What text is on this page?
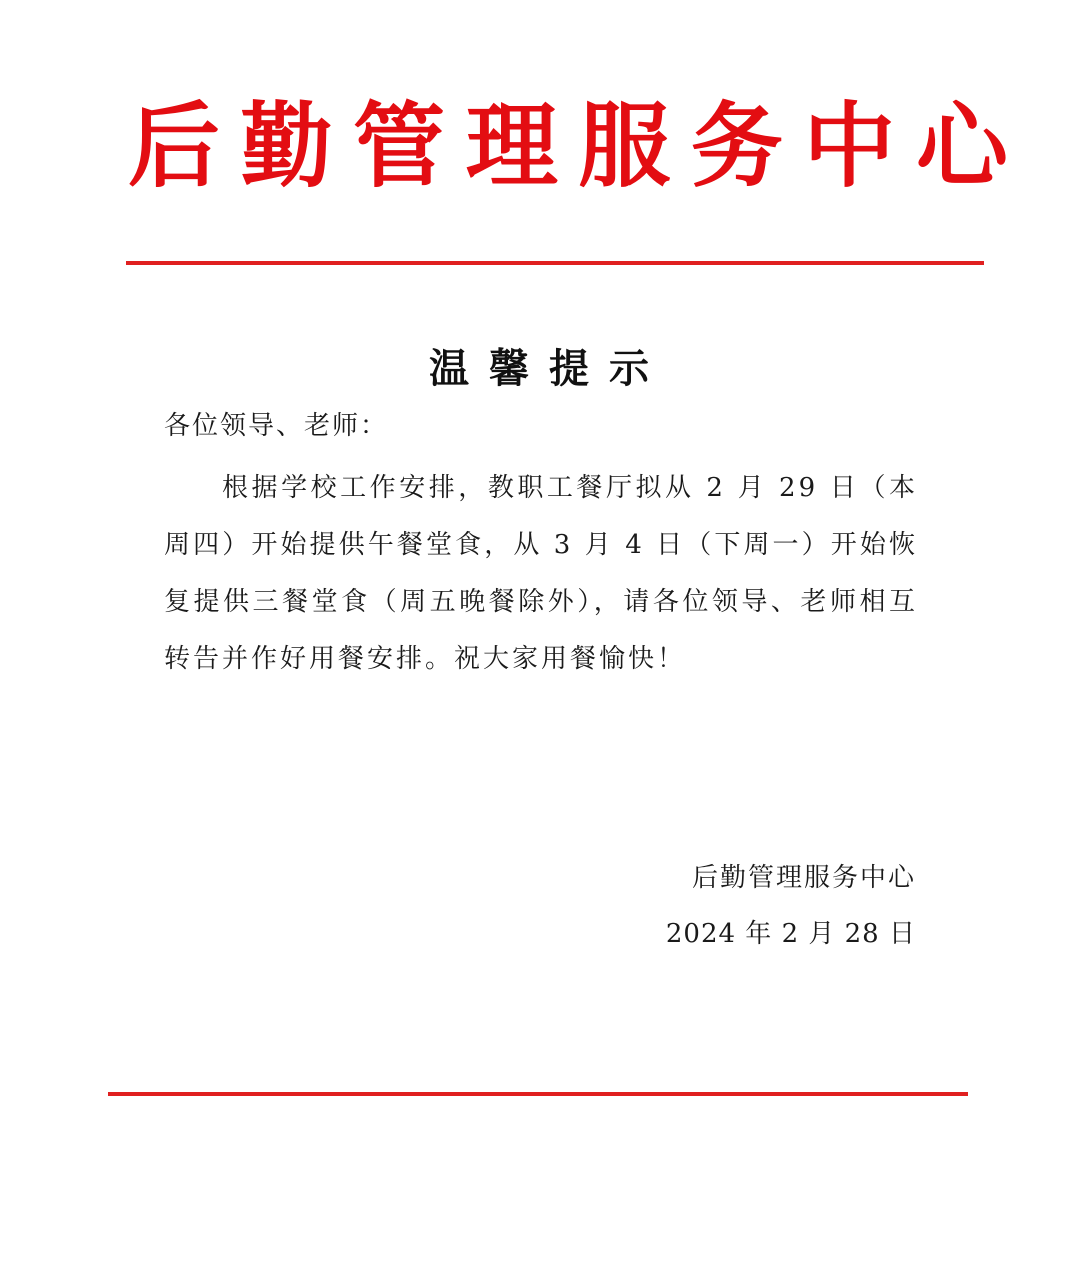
后 勤 管 理 服 务 中 心
温馨提示
各位领导、老师：
根据学校工作安排，教职工餐厅拟从 2 月 29 日（本周四）开始提供午餐堂食，从 3 月 4 日（下周一）开始恢复提供三餐堂食（周五晚餐除外），请各位领导、老师相互转告并作好用餐安排。祝大家用餐愉快！
后勤管理服务中心
2024 年 2 月 28 日
